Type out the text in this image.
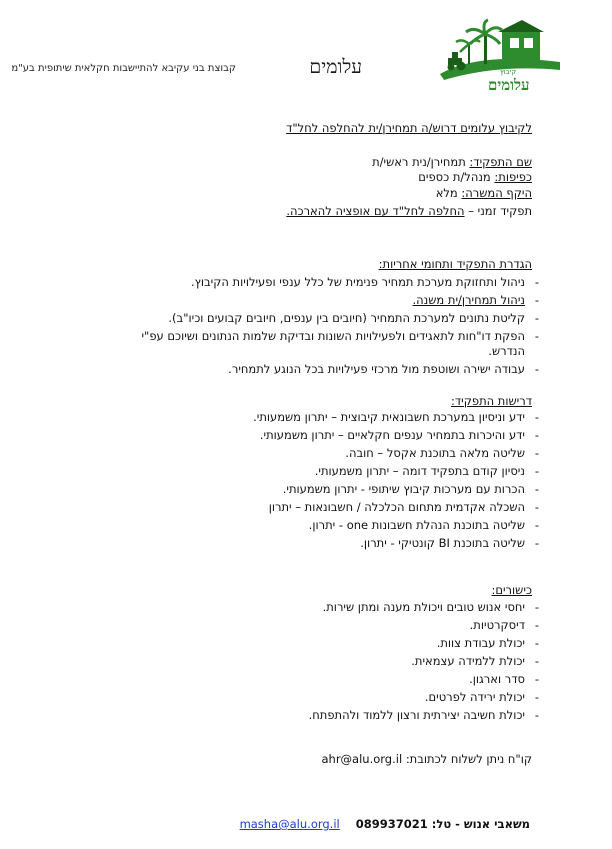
קיבוץ
עלומים
עלומים
קבוצת בני עקיבא להתיישבות חקלאית שיתופית בע"מ
לקיבוץ עלומים דרוש/ה תמחירן/ית להחלפה לחל"ד
שם התפקיד: תמחירן/נית ראשי/ת
כפיפות: מנהל/ת כספים
היקף המשרה: מלא
תפקיד זמני – החלפה לחל"ד עם אופציה להארכה.
הגדרת התפקיד ותחומי אחריות:
-
ניהול ותחזוקת מערכת תמחיר פנימית של כלל ענפי ופעילויות הקיבוץ.
-
ניהול תמחירן/ית משנה.
-
קליטת נתונים למערכת התמחיר (חיובים בין ענפים, חיובים קבועים וכיו"ב).
-
הפקת דו"חות לתאגידים ולפעילויות השונות ובדיקת שלמות הנתונים ושיוכם עפ"י
הנדרש.
-
עבודה ישירה ושוטפת מול מרכזי פעילויות בכל הנוגע לתמחיר.
דרישות התפקיד:
-
ידע וניסיון במערכת חשבונאית קיבוצית – יתרון משמעותי.
-
ידע והיכרות בתמחיר ענפים חקלאיים – יתרון משמעותי.
-
שליטה מלאה בתוכנת אקסל – חובה.
-
ניסיון קודם בתפקיד דומה – יתרון משמעותי.
-
הכרות עם מערכות קיבוץ שיתופי - יתרון משמעותי.
-
השכלה אקדמית מתחום הכלכלה / חשבונאות – יתרון
-
שליטה בתוכנת הנהלת חשבונות one - יתרון.
-
שליטה בתוכנת BI קונטיקי - יתרון.
כישורים:
-
יחסי אנוש טובים ויכולת מענה ומתן שירות.
-
דיסקרטיות.
-
יכולת עבודת צוות.
-
יכולת ללמידה עצמאית.
-
סדר וארגון.
-
יכולת ירידה לפרטים.
-
יכולת חשיבה יצירתית ורצון ללמוד ולהתפתח.
קו"ח ניתן לשלוח לכתובת: ahr@alu.org.il
משאבי אנוש - טל: 089937021    masha@alu.org.il
